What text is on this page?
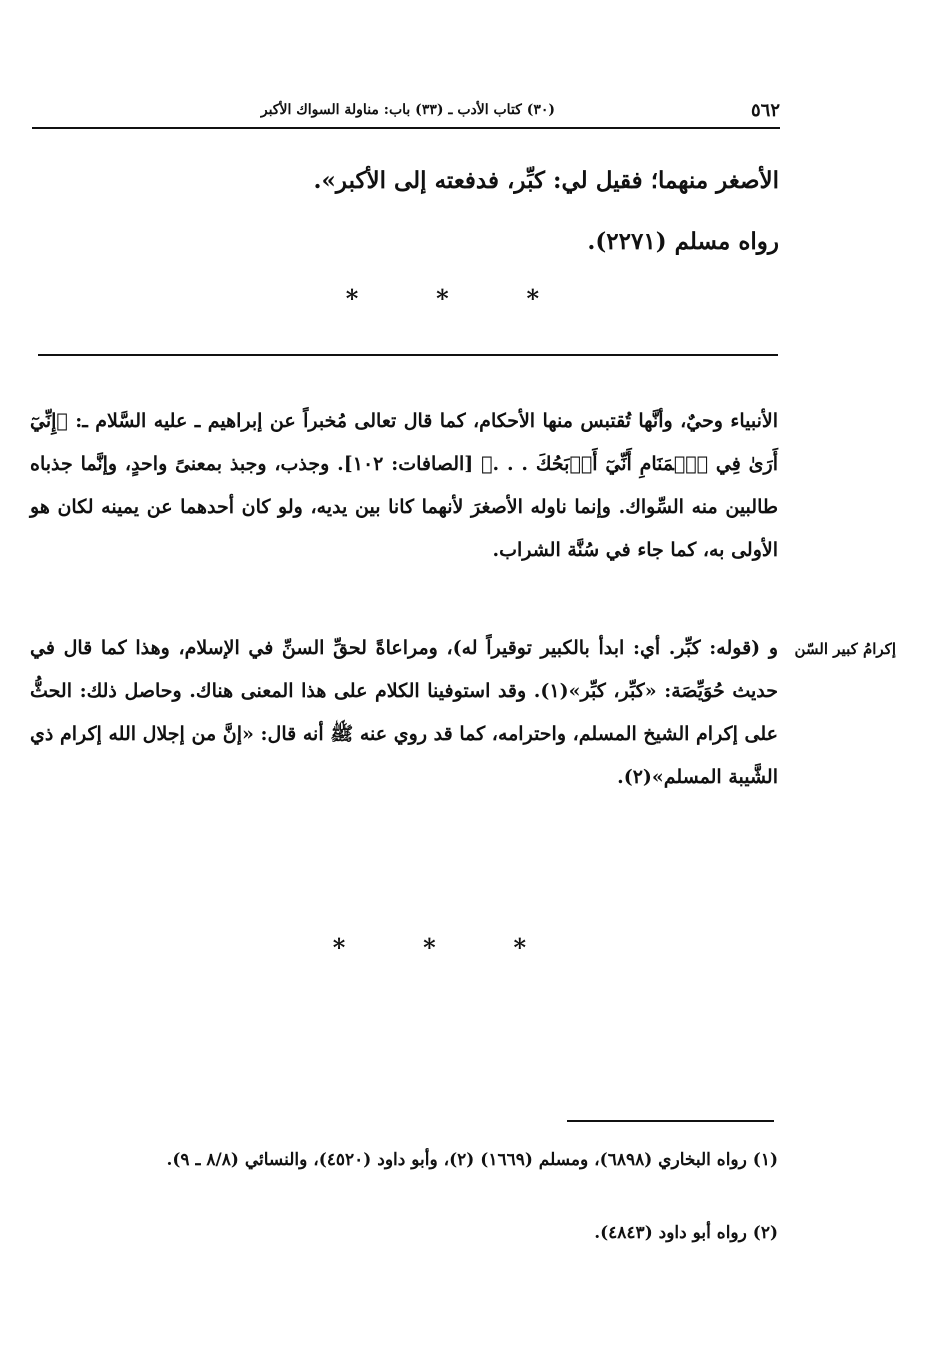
٥٦٢
(٣٠) كتاب الأدب ـ (٣٣) باب: مناولة السواك الأكبر
الأصغر منهما؛ فقيل لي: كبِّر، فدفعته إلى الأكبر».
رواه مسلم (٢٢٧١).
*	*	*
الأنبياء وحيٌ، وأنَّها تُقتبس منها الأحكام، كما قال تعالى مُخبراً عن إبراهيم ـ عليه السَّلام ـ: ﴿إِنِّيٓ أَرَىٰ فِي ٱلۡمَنَامِ أَنِّيٓ أَذۡبَحُكَ . . .﴾ [الصافات: ١٠٢]. وجذب، وجبذ بمعنىً واحدٍ، وإنَّما جذباه طالبين منه السِّواك. وإنما ناوله الأصغرَ لأنهما كانا بين يديه، ولو كان أحدهما عن يمينه لكان هو الأولى به، كما جاء في سُنَّة الشراب.
إكرامُ كبير السّن
و (قوله: كبِّر. أي: ابدأ بالكبير توقيراً له)، ومراعاةً لحقِّ السنِّ في الإسلام، وهذا كما قال في حديث حُوَيِّصَة: «كبِّر، كبِّر»(١). وقد استوفينا الكلام على هذا المعنى هناك. وحاصل ذلك: الحثُّ على إكرام الشيخ المسلم، واحترامه، كما قد روي عنه ﷺ أنه قال: «إنَّ من إجلال الله إكرام ذي الشَّيبة المسلم»(٢).
*	*	*
(١) رواه البخاري (٦٨٩٨)، ومسلم (١٦٦٩) (٢)، وأبو داود (٤٥٢٠)، والنسائي (٨/٨ ـ ٩).
(٢) رواه أبو داود (٤٨٤٣).
